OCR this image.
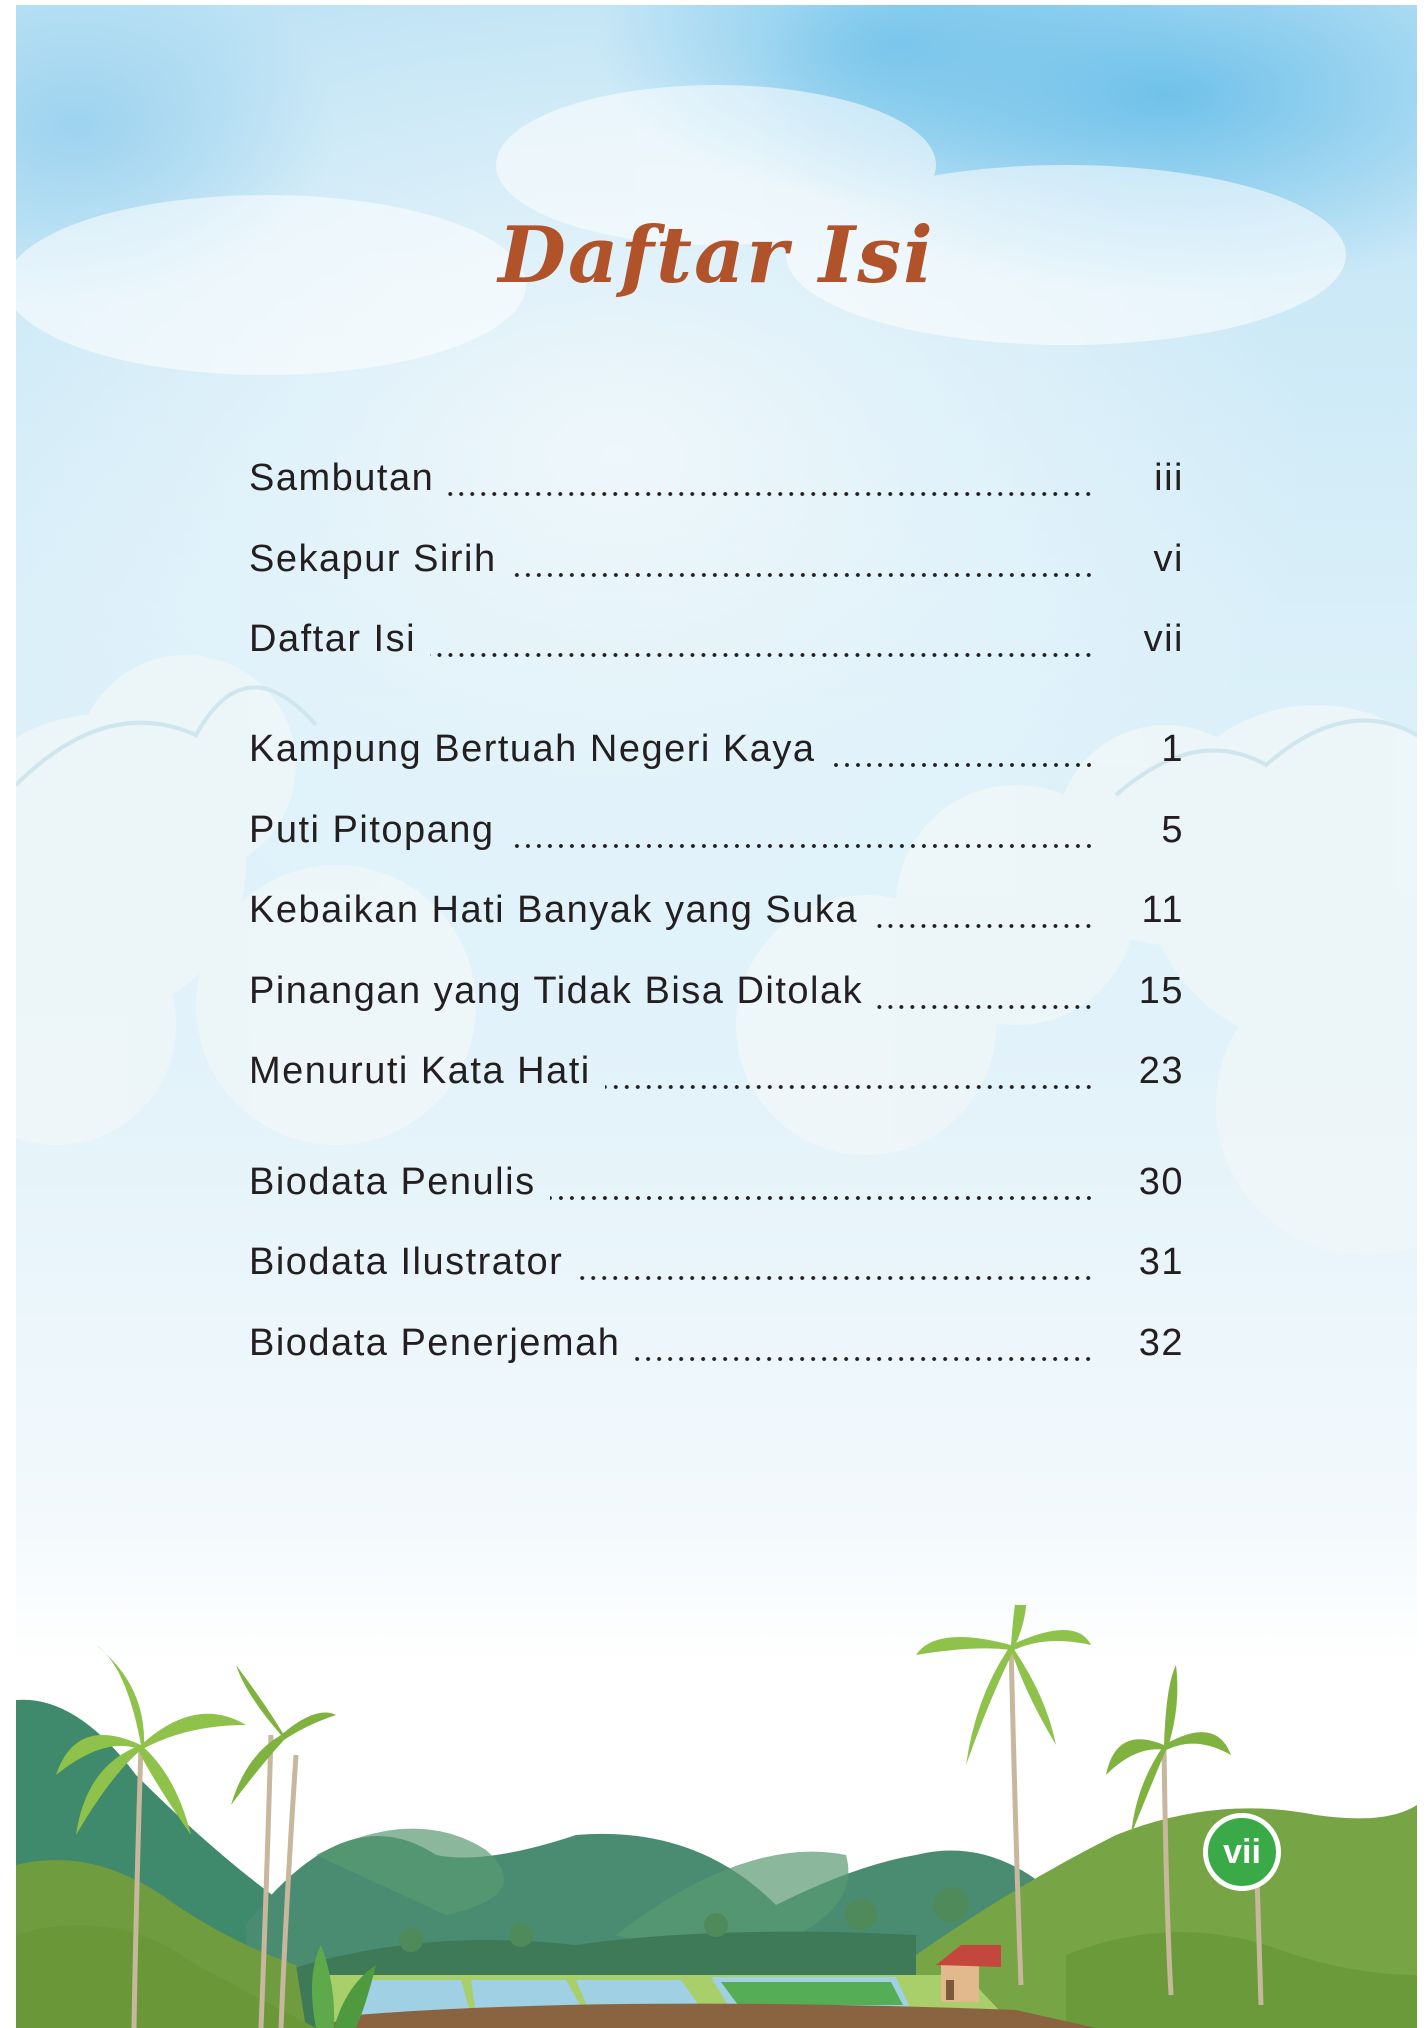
Daftar Isi
Sambutan	iii
Sekapur Sirih	vi
Daftar Isi	vii
Kampung Bertuah Negeri Kaya	1
Puti Pitopang	5
Kebaikan Hati Banyak yang Suka	11
Pinangan yang Tidak Bisa Ditolak	15
Menuruti Kata Hati	23
Biodata Penulis	30
Biodata Ilustrator	31
Biodata Penerjemah	32
vii
